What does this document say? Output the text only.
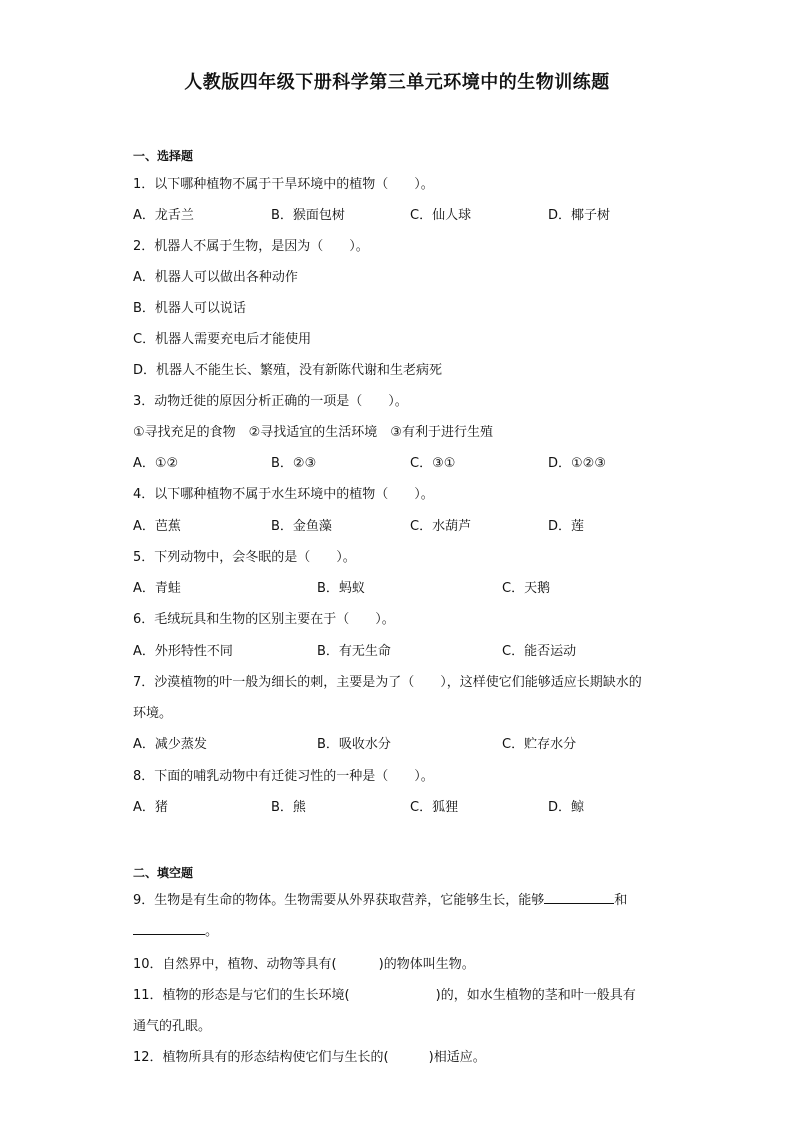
人教版四年级下册科学第三单元环境中的生物训练题
一、选择题
1．以下哪种植物不属于干旱环境中的植物（　　）。
A．龙舌兰	B．猴面包树	C．仙人球	D．椰子树
2．机器人不属于生物，是因为（　　）。
A．机器人可以做出各种动作
B．机器人可以说话
C．机器人需要充电后才能使用
D．机器人不能生长、繁殖，没有新陈代谢和生老病死
3．动物迁徙的原因分析正确的一项是（　　）。
①寻找充足的食物　②寻找适宜的生活环境　③有利于进行生殖
A．①②	B．②③	C．③①	D．①②③
4．以下哪种植物不属于水生环境中的植物（　　）。
A．芭蕉	B．金鱼藻	C．水葫芦	D．莲
5．下列动物中，会冬眠的是（　　）。
A．青蛙	B．蚂蚁	C．天鹅
6．毛绒玩具和生物的区别主要在于（　　）。
A．外形特性不同	B．有无生命	C．能否运动
7．沙漠植物的叶一般为细长的刺，主要是为了（　　），这样使它们能够适应长期缺水的
环境。
A．减少蒸发	B．吸收水分	C．贮存水分
8．下面的哺乳动物中有迁徙习性的一种是（　　）。
A．猪	B．熊	C．狐狸	D．鲸
二、填空题
9．生物是有生命的物体。生物需要从外界获取营养，它能够生长，能够	和
。
10．自然界中，植物、动物等具有(	)的物体叫生物。
11．植物的形态是与它们的生长环境(	)的，如水生植物的茎和叶一般具有
通气的孔眼。
12．植物所具有的形态结构使它们与生长的(	)相适应。
